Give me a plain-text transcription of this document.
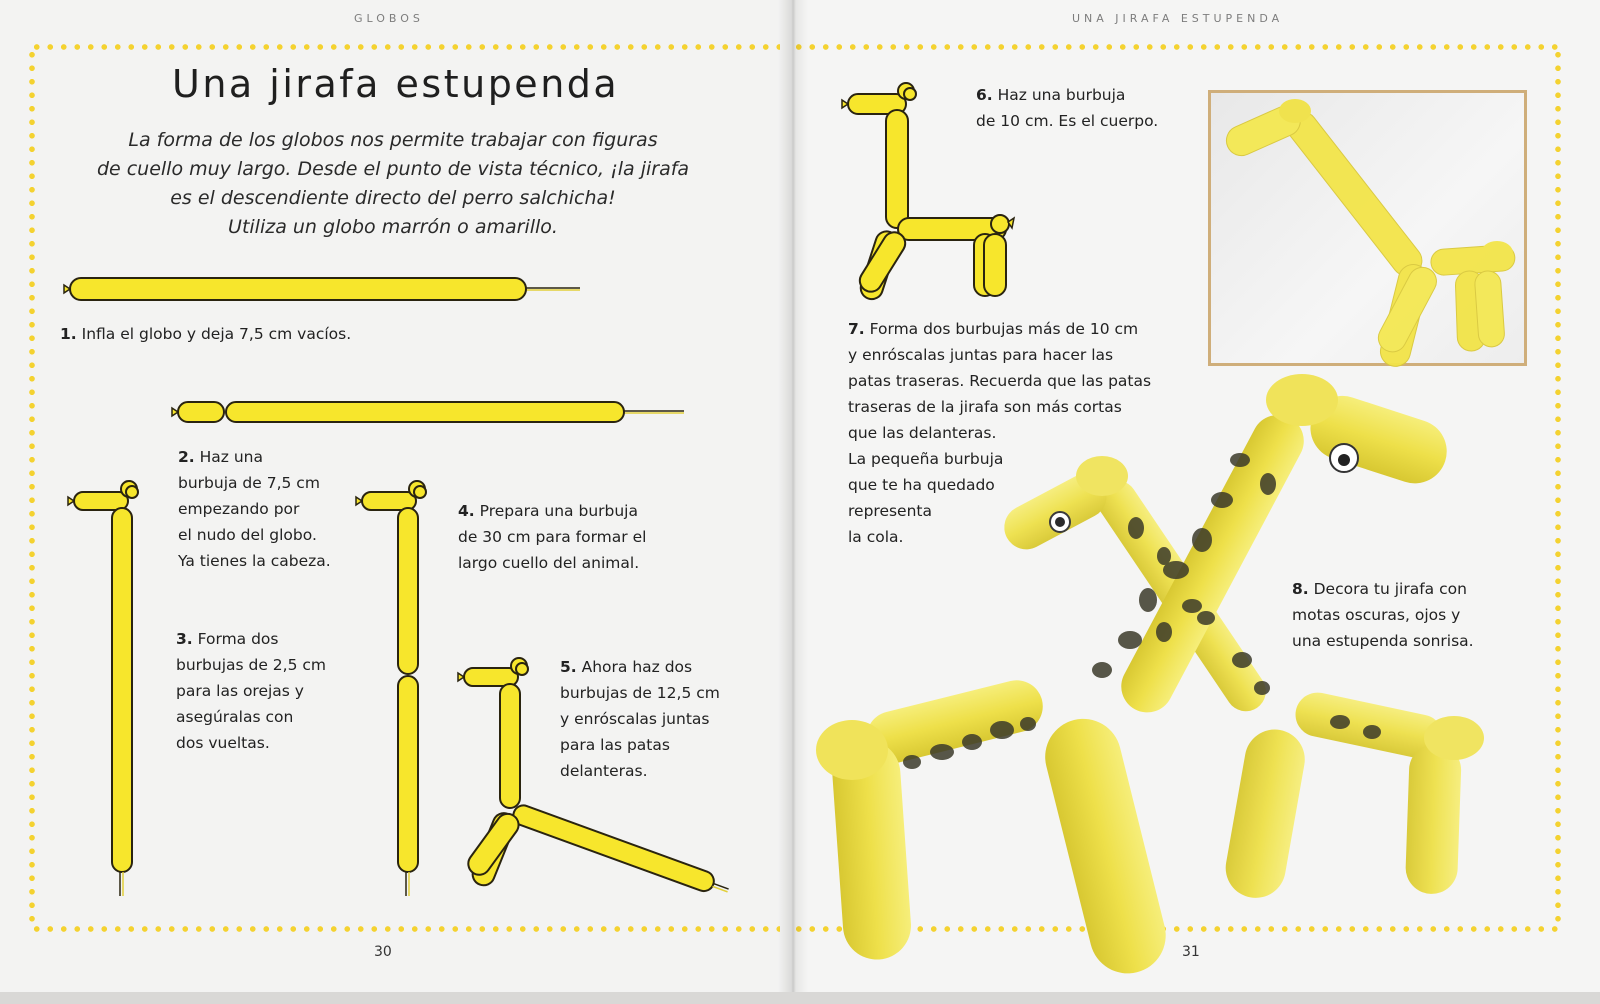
GLOBOS
Una jirafa estupenda
La forma de los globos nos permite trabajar con figuras
de cuello muy largo. Desde el punto de vista técnico, ¡la jirafa
es el descendiente directo del perro salchicha!
Utiliza un globo marrón o amarillo.
1. Infla el globo y deja 7,5 cm vacíos.
2. Haz una
burbuja de 7,5 cm
empezando por
el nudo del globo.
Ya tienes la cabeza.
3. Forma dos
burbujas de 2,5 cm
para las orejas y
asegúralas con
dos vueltas.
4. Prepara una burbuja
de 30 cm para formar el
largo cuello del animal.
5. Ahora haz dos
burbujas de 12,5 cm
y enróscalas juntas
para las patas
delanteras.
30
UNA JIRAFA ESTUPENDA
6. Haz una burbuja
de 10 cm. Es el cuerpo.
7. Forma dos burbujas más de 10 cm
y enróscalas juntas para hacer las
patas traseras. Recuerda que las patas
traseras de la jirafa son más cortas
que las delanteras.
La pequeña burbuja
que te ha quedado
representa
la cola.
8. Decora tu jirafa con
motas oscuras, ojos y
una estupenda sonrisa.
31
